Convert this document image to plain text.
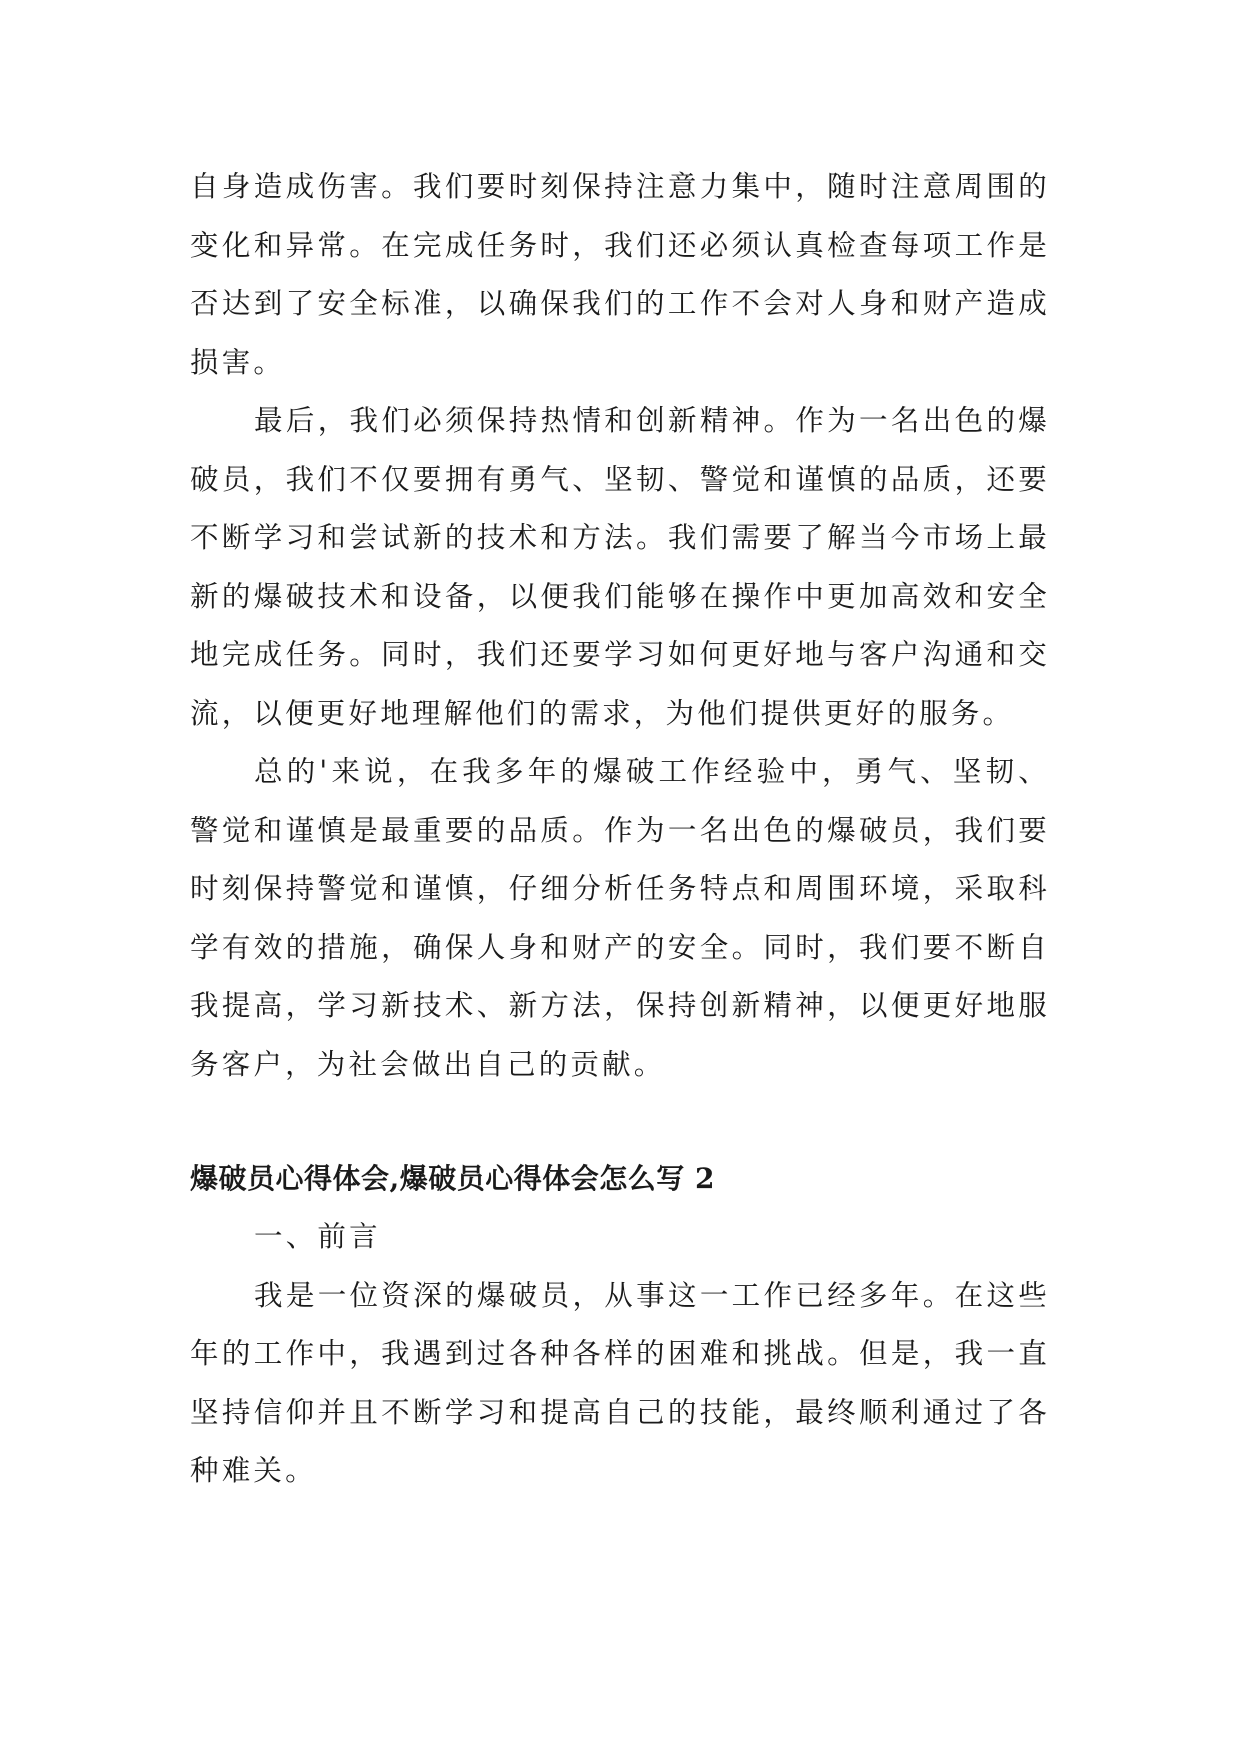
自身造成伤害。我们要时刻保持注意力集中，随时注意周围的变化和异常。在完成任务时，我们还必须认真检查每项工作是否达到了安全标准，以确保我们的工作不会对人身和财产造成损害。

最后，我们必须保持热情和创新精神。作为一名出色的爆破员，我们不仅要拥有勇气、坚韧、警觉和谨慎的品质，还要不断学习和尝试新的技术和方法。我们需要了解当今市场上最新的爆破技术和设备，以便我们能够在操作中更加高效和安全地完成任务。同时，我们还要学习如何更好地与客户沟通和交流，以便更好地理解他们的需求，为他们提供更好的服务。

总的'来说，在我多年的爆破工作经验中，勇气、坚韧、警觉和谨慎是最重要的品质。作为一名出色的爆破员，我们要时刻保持警觉和谨慎，仔细分析任务特点和周围环境，采取科学有效的措施，确保人身和财产的安全。同时，我们要不断自我提高，学习新技术、新方法，保持创新精神，以便更好地服务客户，为社会做出自己的贡献。

爆破员心得体会,爆破员心得体会怎么写 2

一、前言

我是一位资深的爆破员，从事这一工作已经多年。在这些年的工作中，我遇到过各种各样的困难和挑战。但是，我一直坚持信仰并且不断学习和提高自己的技能，最终顺利通过了各种难关。
